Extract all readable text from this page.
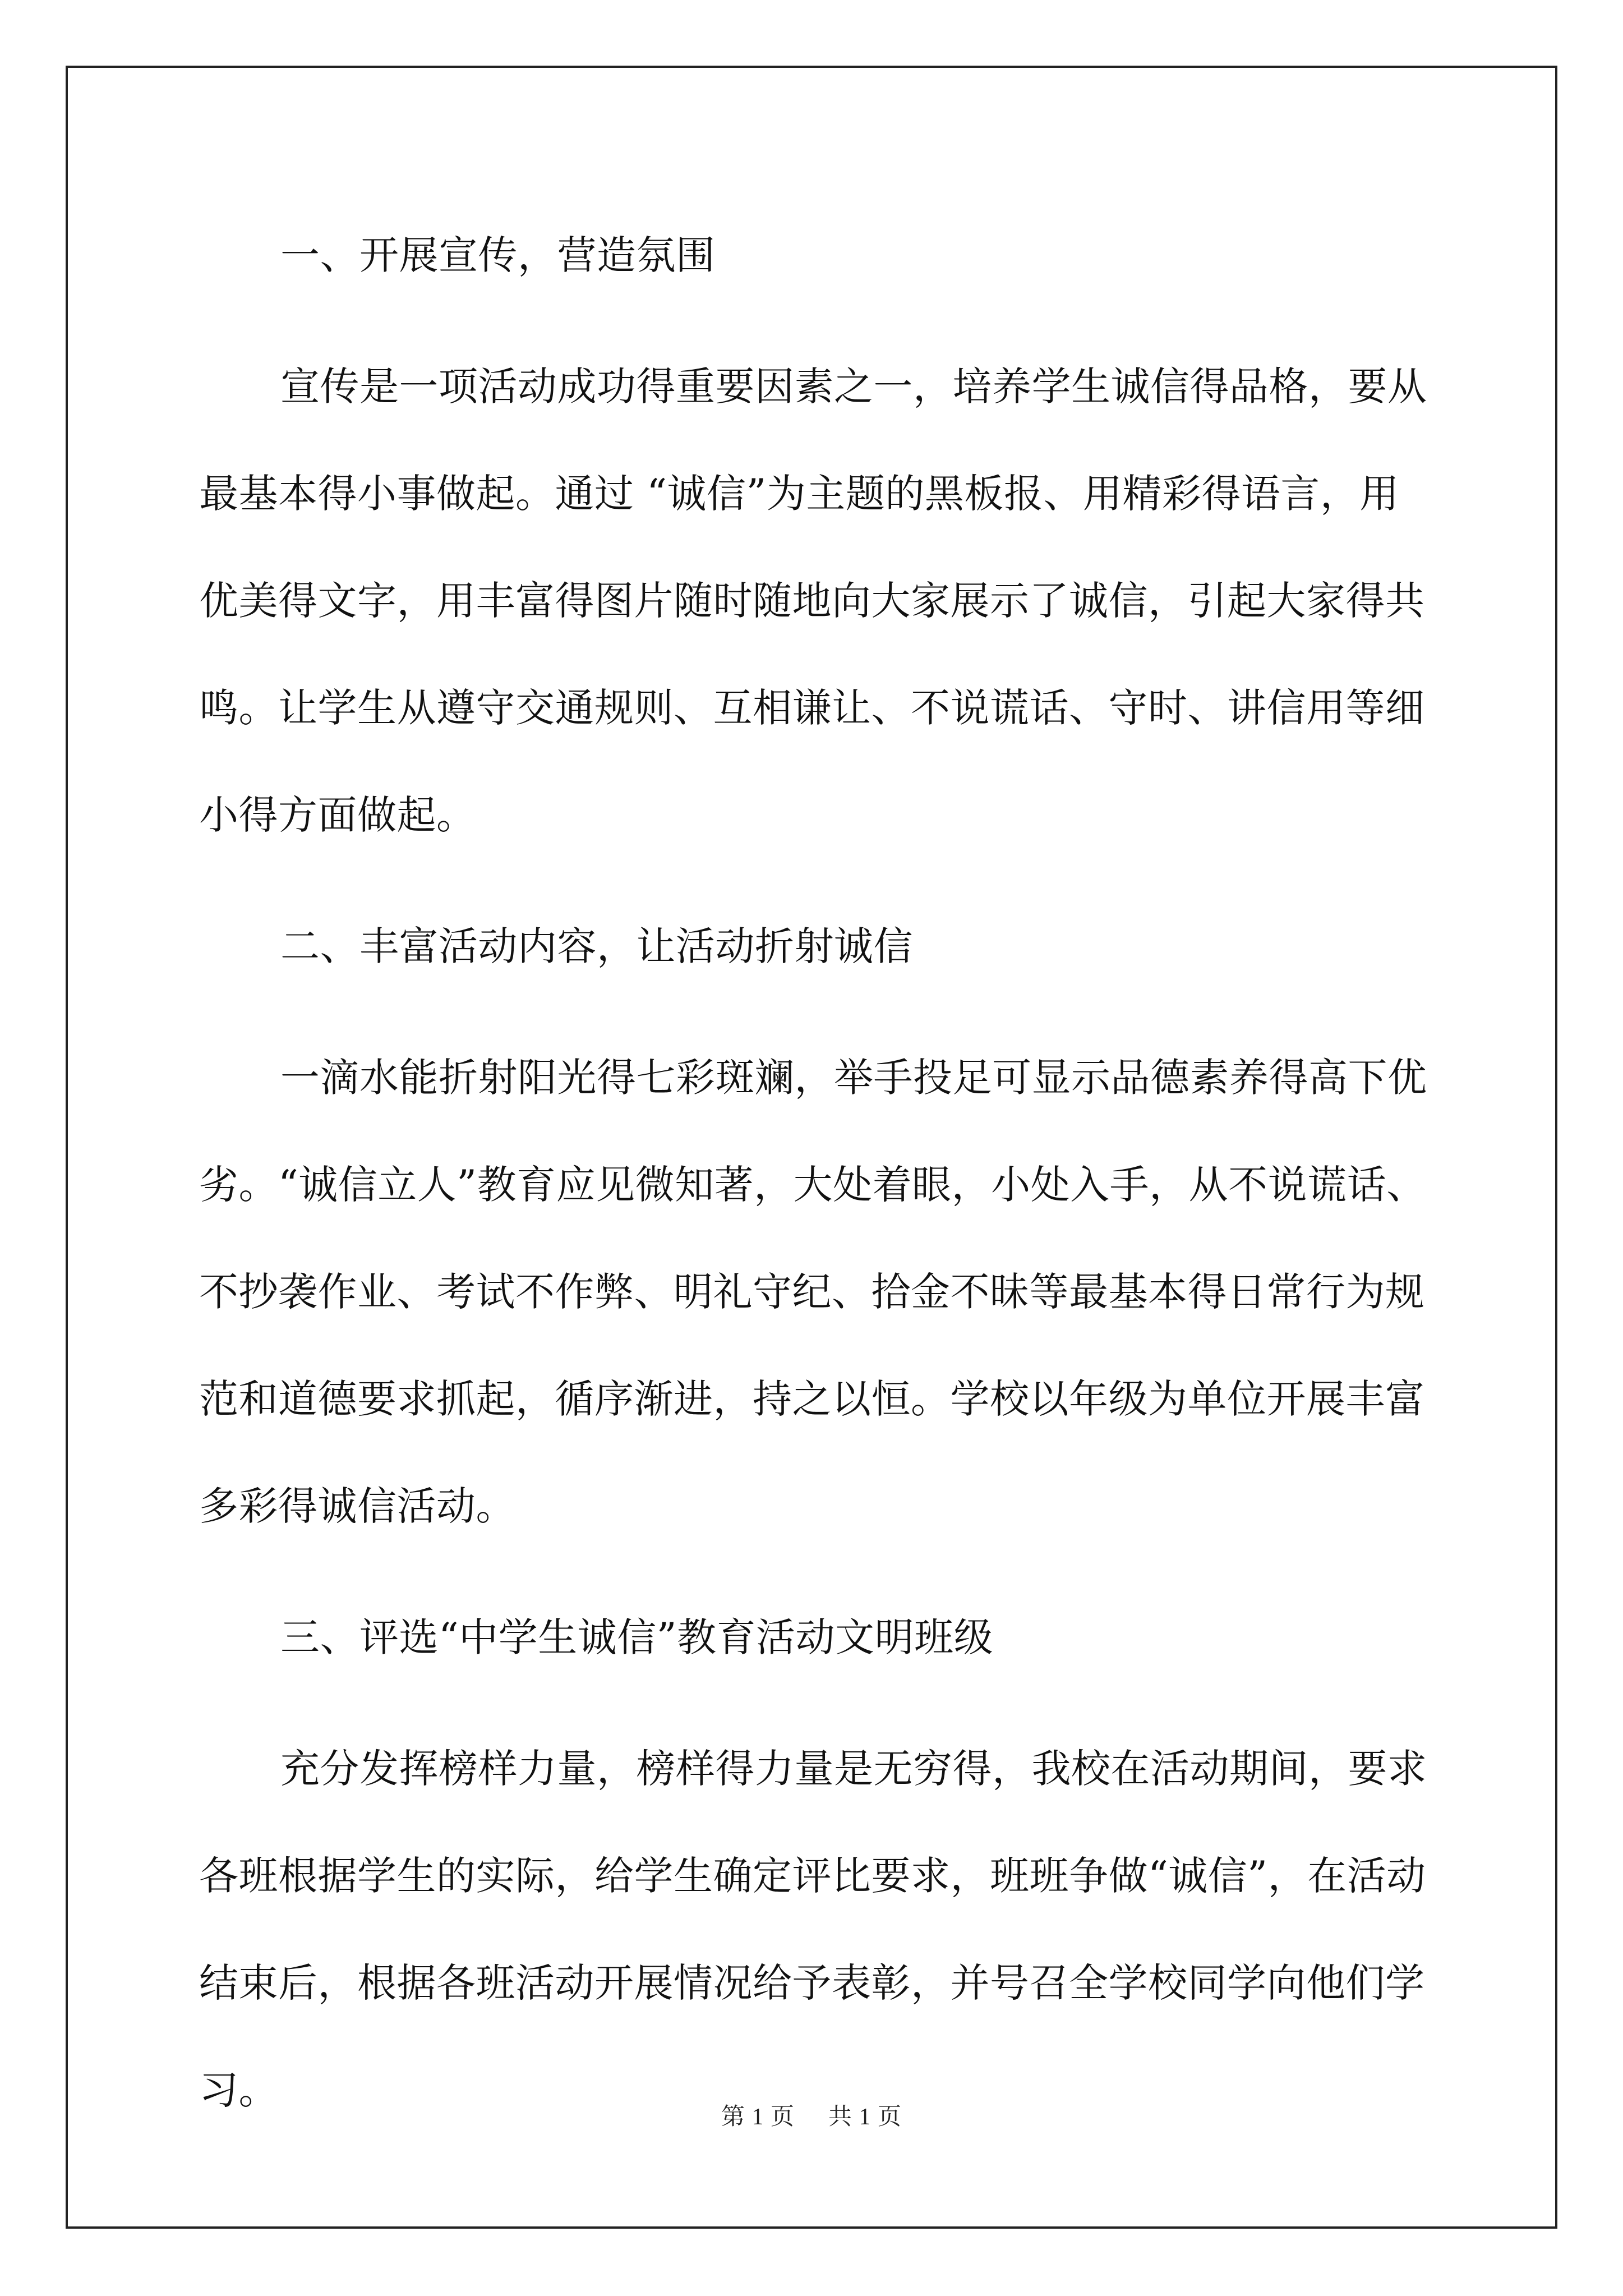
一、开展宣传，营造氛围

宣传是一项活动成功得重要因素之一，培养学生诚信得品格，要从最基本得小事做起。通过 “诚信”为主题的黑板报、用精彩得语言，用优美得文字，用丰富得图片随时随地向大家展示了诚信，引起大家得共鸣。让学生从遵守交通规则、互相谦让、不说谎话、守时、讲信用等细小得方面做起。

二、丰富活动内容，让活动折射诚信

一滴水能折射阳光得七彩斑斓，举手投足可显示品德素养得高下优劣。“诚信立人”教育应见微知著，大处着眼，小处入手，从不说谎话、不抄袭作业、考试不作弊、明礼守纪、拾金不昧等最基本得日常行为规范和道德要求抓起，循序渐进，持之以恒。学校以年级为单位开展丰富多彩得诚信活动。

三、评选“中学生诚信”教育活动文明班级

充分发挥榜样力量，榜样得力量是无穷得，我校在活动期间，要求各班根据学生的实际，给学生确定评比要求，班班争做“诚信”，在活动结束后，根据各班活动开展情况给予表彰，并号召全学校同学向他们学习。

第 1 页 共 1 页
